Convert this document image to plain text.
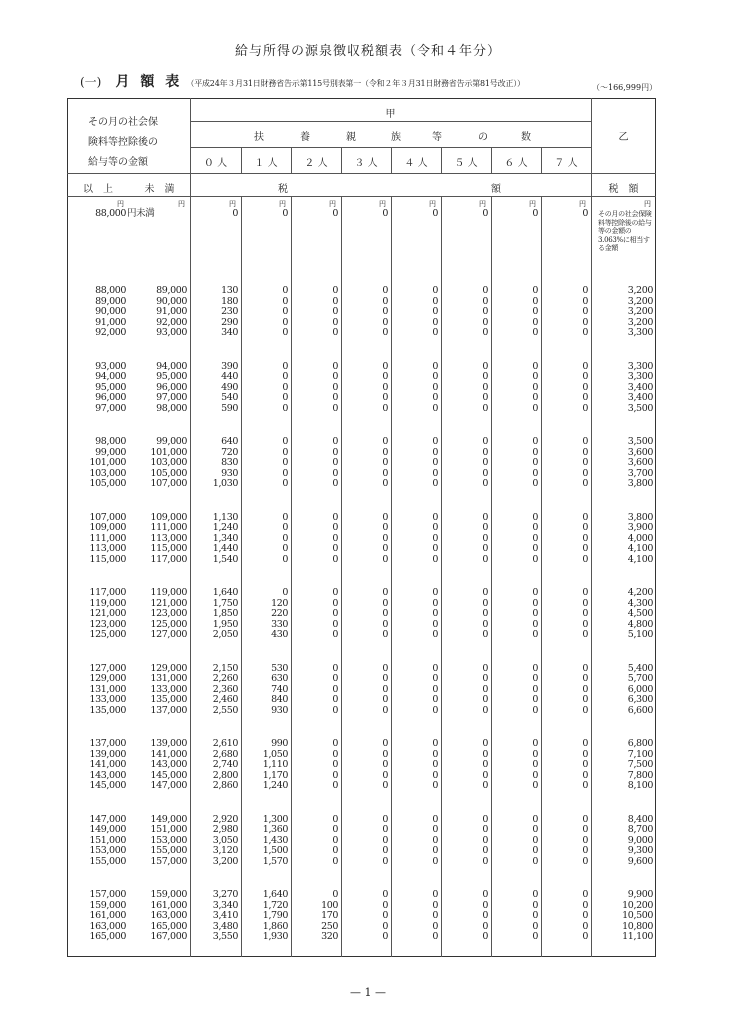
給与所得の源泉徴収税額表（令和４年分）
(一) 月 額 表 （平成24年３月31日財務省告示第115号別表第一（令和２年３月31日財務省告示第81号改正））	（〜166,999円）
その月の社会保
険料等控除後の
給与等の金額
甲
扶	養	親	族	等	の	数
０ 人	１ 人	２ 人	３ 人	４ 人	５ 人	６ 人	７ 人
乙
以　上	未　満	税	額	税　額
円	円	円	円	円	円	円	円	円	円	円
88,000 円未満	0	0	0	0	0	0	0	0
88,000	89,000	130	0	0	0	0	0	0	0	3,200
89,000	90,000	180	0	0	0	0	0	0	0	3,200
90,000	91,000	230	0	0	0	0	0	0	0	3,200
91,000	92,000	290	0	0	0	0	0	0	0	3,200
92,000	93,000	340	0	0	0	0	0	0	0	3,300
93,000	94,000	390	0	0	0	0	0	0	0	3,300
94,000	95,000	440	0	0	0	0	0	0	0	3,300
95,000	96,000	490	0	0	0	0	0	0	0	3,400
96,000	97,000	540	0	0	0	0	0	0	0	3,400
97,000	98,000	590	0	0	0	0	0	0	0	3,500
98,000	99,000	640	0	0	0	0	0	0	0	3,500
99,000	101,000	720	0	0	0	0	0	0	0	3,600
101,000	103,000	830	0	0	0	0	0	0	0	3,600
103,000	105,000	930	0	0	0	0	0	0	0	3,700
105,000	107,000	1,030	0	0	0	0	0	0	0	3,800
107,000	109,000	1,130	0	0	0	0	0	0	0	3,800
109,000	111,000	1,240	0	0	0	0	0	0	0	3,900
111,000	113,000	1,340	0	0	0	0	0	0	0	4,000
113,000	115,000	1,440	0	0	0	0	0	0	0	4,100
115,000	117,000	1,540	0	0	0	0	0	0	0	4,100
117,000	119,000	1,640	0	0	0	0	0	0	0	4,200
119,000	121,000	1,750	120	0	0	0	0	0	0	4,300
121,000	123,000	1,850	220	0	0	0	0	0	0	4,500
123,000	125,000	1,950	330	0	0	0	0	0	0	4,800
125,000	127,000	2,050	430	0	0	0	0	0	0	5,100
127,000	129,000	2,150	530	0	0	0	0	0	0	5,400
129,000	131,000	2,260	630	0	0	0	0	0	0	5,700
131,000	133,000	2,360	740	0	0	0	0	0	0	6,000
133,000	135,000	2,460	840	0	0	0	0	0	0	6,300
135,000	137,000	2,550	930	0	0	0	0	0	0	6,600
137,000	139,000	2,610	990	0	0	0	0	0	0	6,800
139,000	141,000	2,680	1,050	0	0	0	0	0	0	7,100
141,000	143,000	2,740	1,110	0	0	0	0	0	0	7,500
143,000	145,000	2,800	1,170	0	0	0	0	0	0	7,800
145,000	147,000	2,860	1,240	0	0	0	0	0	0	8,100
147,000	149,000	2,920	1,300	0	0	0	0	0	0	8,400
149,000	151,000	2,980	1,360	0	0	0	0	0	0	8,700
151,000	153,000	3,050	1,430	0	0	0	0	0	0	9,000
153,000	155,000	3,120	1,500	0	0	0	0	0	0	9,300
155,000	157,000	3,200	1,570	0	0	0	0	0	0	9,600
157,000	159,000	3,270	1,640	0	0	0	0	0	0	9,900
159,000	161,000	3,340	1,720	100	0	0	0	0	0	10,200
161,000	163,000	3,410	1,790	170	0	0	0	0	0	10,500
163,000	165,000	3,480	1,860	250	0	0	0	0	0	10,800
165,000	167,000	3,550	1,930	320	0	0	0	0	0	11,100
その月の社会保険料等控除後の給与等の金額の3.063%に相当する金額
— 1 —
